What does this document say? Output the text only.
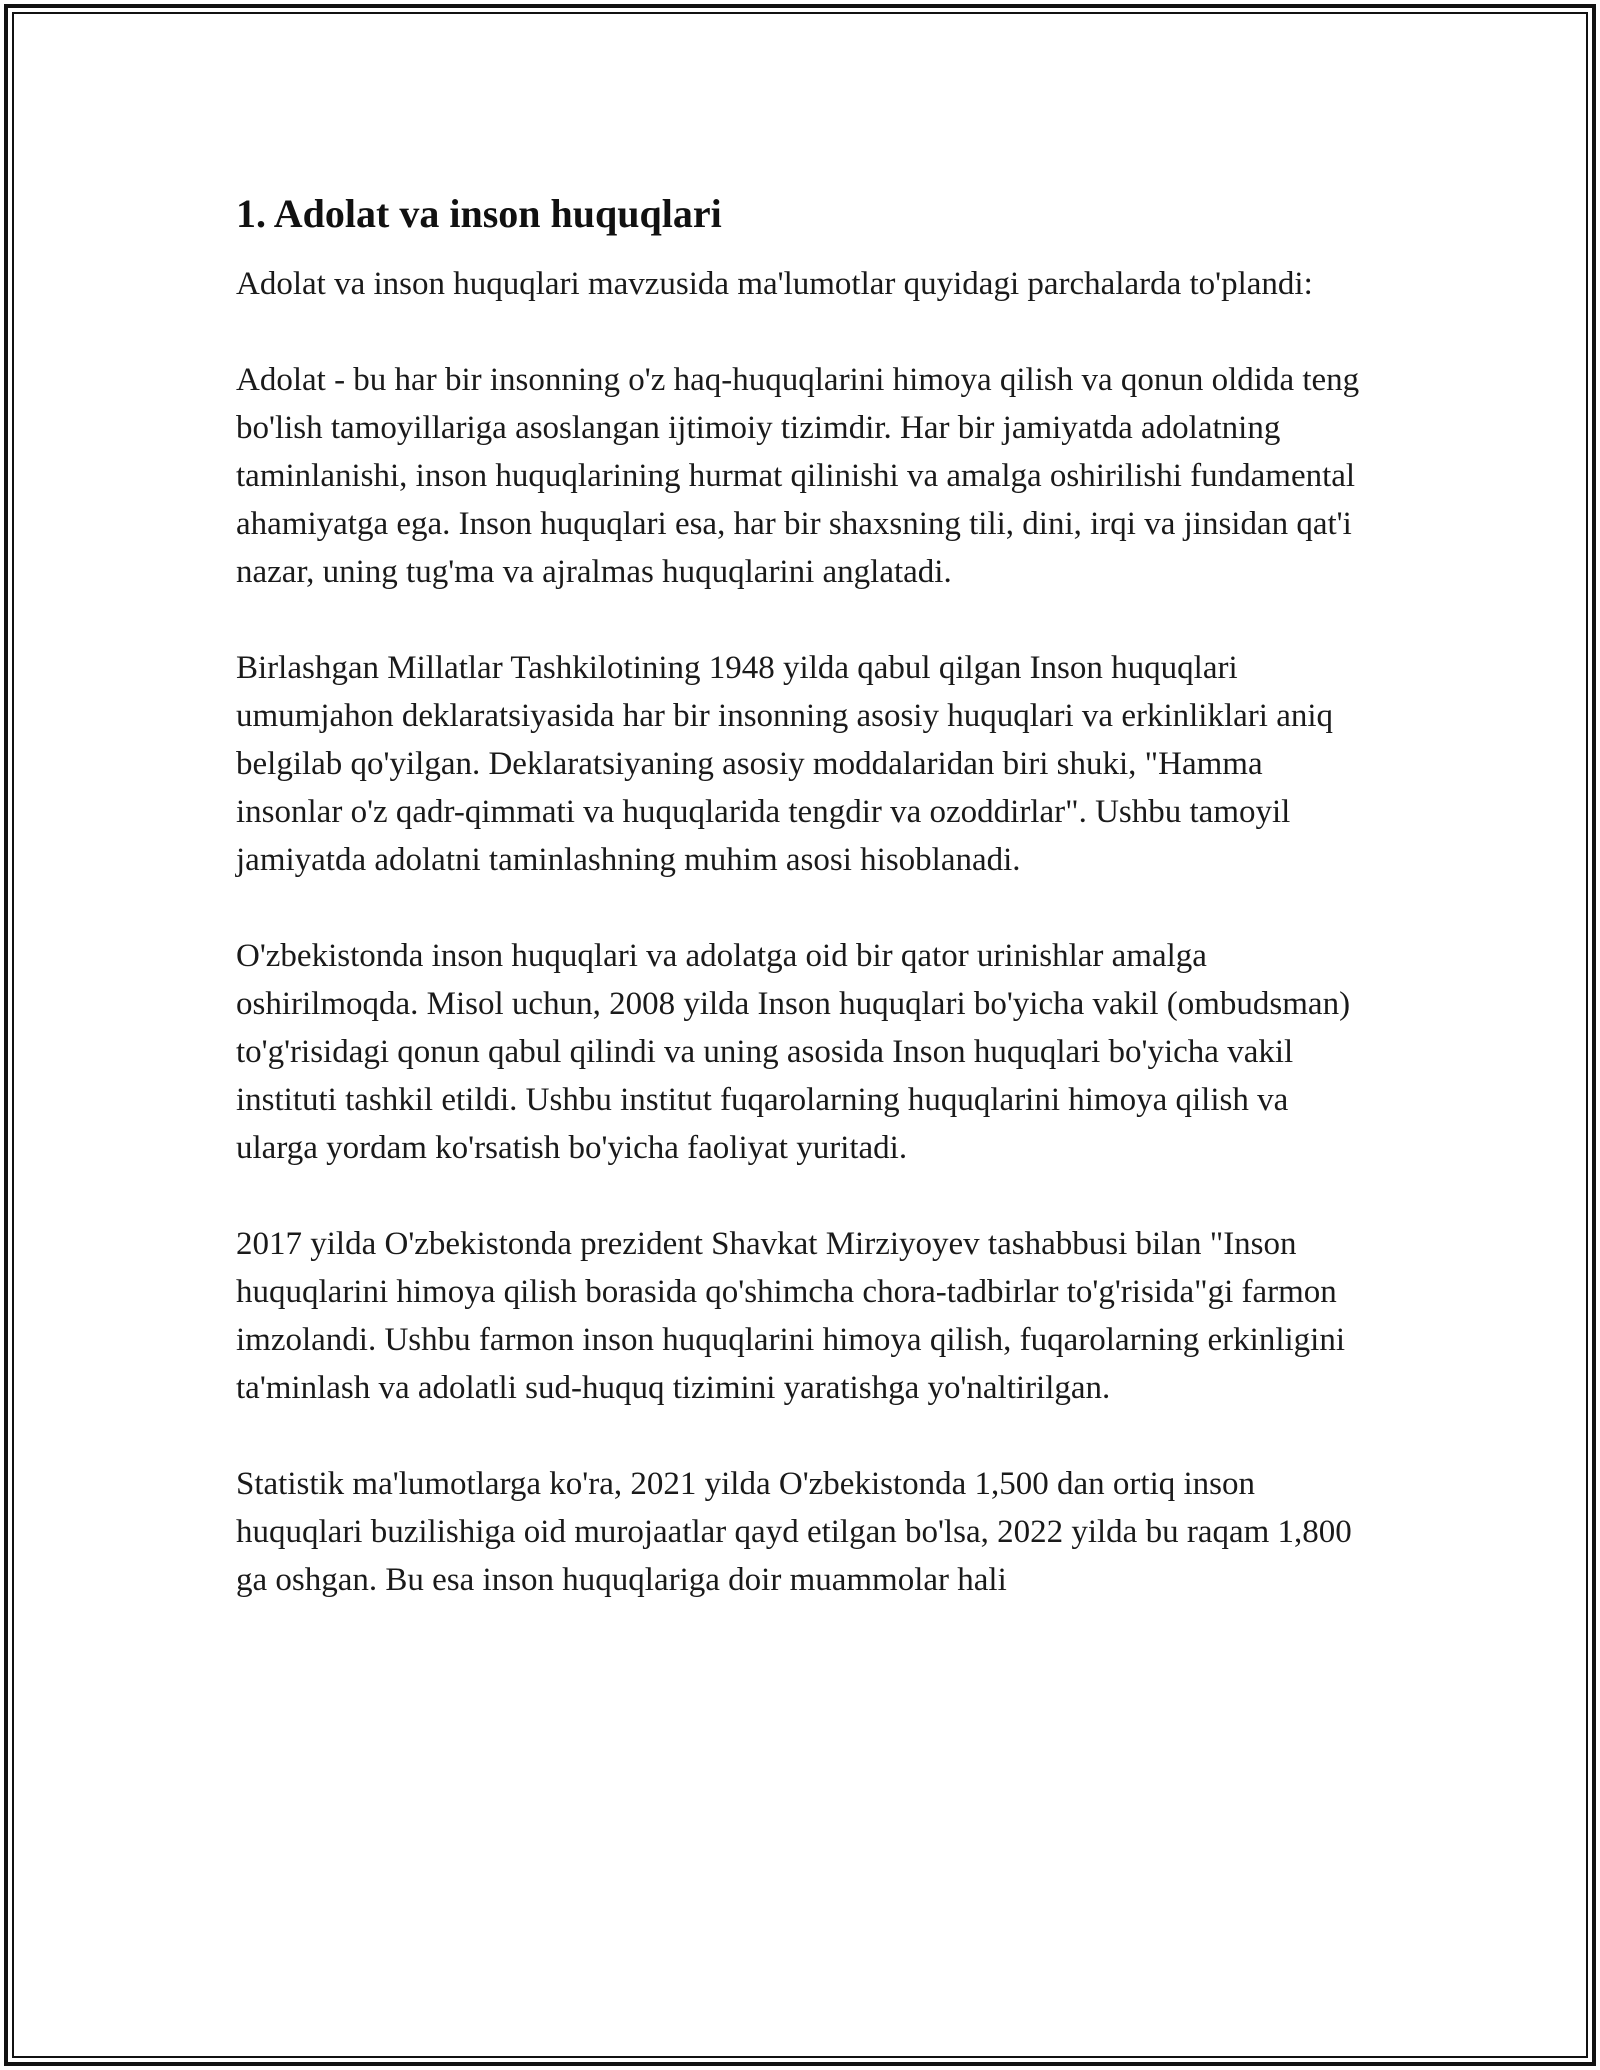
1. Adolat va inson huquqlari

Adolat va inson huquqlari mavzusida ma'lumotlar quyidagi parchalarda to'plandi:

Adolat - bu har bir insonning o'z haq-huquqlarini himoya qilish va qonun oldida teng bo'lish tamoyillariga asoslangan ijtimoiy tizimdir. Har bir jamiyatda adolatning taminlanishi, inson huquqlarining hurmat qilinishi va amalga oshirilishi fundamental ahamiyatga ega. Inson huquqlari esa, har bir shaxsning tili, dini, irqi va jinsidan qat'i nazar, uning tug'ma va ajralmas huquqlarini anglatadi.

Birlashgan Millatlar Tashkilotining 1948 yilda qabul qilgan Inson huquqlari umumjahon deklaratsiyasida har bir insonning asosiy huquqlari va erkinliklari aniq belgilab qo'yilgan. Deklaratsiyaning asosiy moddalaridan biri shuki, "Hamma insonlar o'z qadr-qimmati va huquqlarida tengdir va ozoddirlar". Ushbu tamoyil jamiyatda adolatni taminlashning muhim asosi hisoblanadi.

O'zbekistonda inson huquqlari va adolatga oid bir qator urinishlar amalga oshirilmoqda. Misol uchun, 2008 yilda Inson huquqlari bo'yicha vakil (ombudsman) to'g'risidagi qonun qabul qilindi va uning asosida Inson huquqlari bo'yicha vakil instituti tashkil etildi. Ushbu institut fuqarolarning huquqlarini himoya qilish va ularga yordam ko'rsatish bo'yicha faoliyat yuritadi.

2017 yilda O'zbekistonda prezident Shavkat Mirziyoyev tashabbusi bilan "Inson huquqlarini himoya qilish borasida qo'shimcha chora-tadbirlar to'g'risida"gi farmon imzolandi. Ushbu farmon inson huquqlarini himoya qilish, fuqarolarning erkinligini ta'minlash va adolatli sud-huquq tizimini yaratishga yo'naltirilgan.

Statistik ma'lumotlarga ko'ra, 2021 yilda O'zbekistonda 1,500 dan ortiq inson huquqlari buzilishiga oid murojaatlar qayd etilgan bo'lsa, 2022 yilda bu raqam 1,800 ga oshgan. Bu esa inson huquqlariga doir muammolar hali
